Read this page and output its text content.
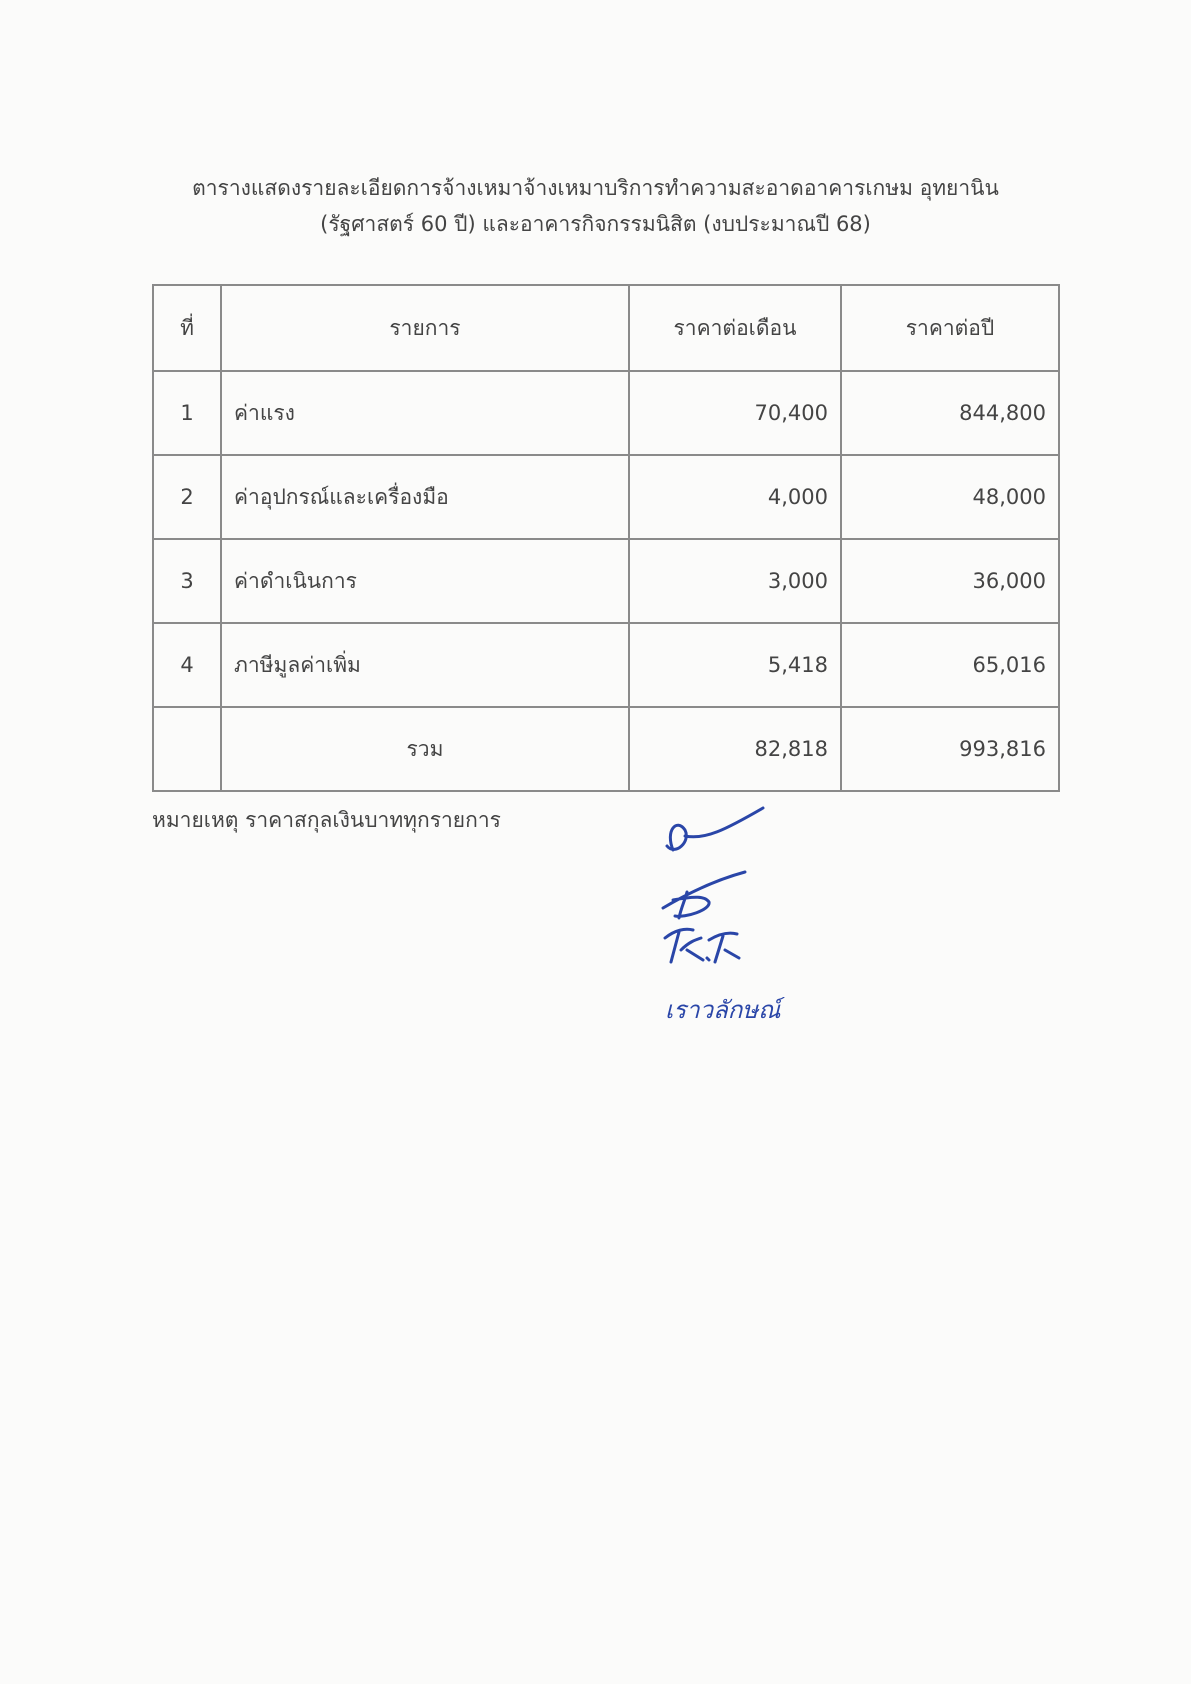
ตารางแสดงรายละเอียดการจ้างเหมาจ้างเหมาบริการทำความสะอาดอาคารเกษม อุทยานิน
(รัฐศาสตร์ 60 ปี) และอาคารกิจกรรมนิสิต (งบประมาณปี 68)
ที่	รายการ	ราคาต่อเดือน	ราคาต่อปี
1	ค่าแรง	70,400	844,800
2	ค่าอุปกรณ์และเครื่องมือ	4,000	48,000
3	ค่าดำเนินการ	3,000	36,000
4	ภาษีมูลค่าเพิ่ม	5,418	65,016
	รวม	82,818	993,816
หมายเหตุ ราคาสกุลเงินบาททุกรายการ
เราวลักษณ์
